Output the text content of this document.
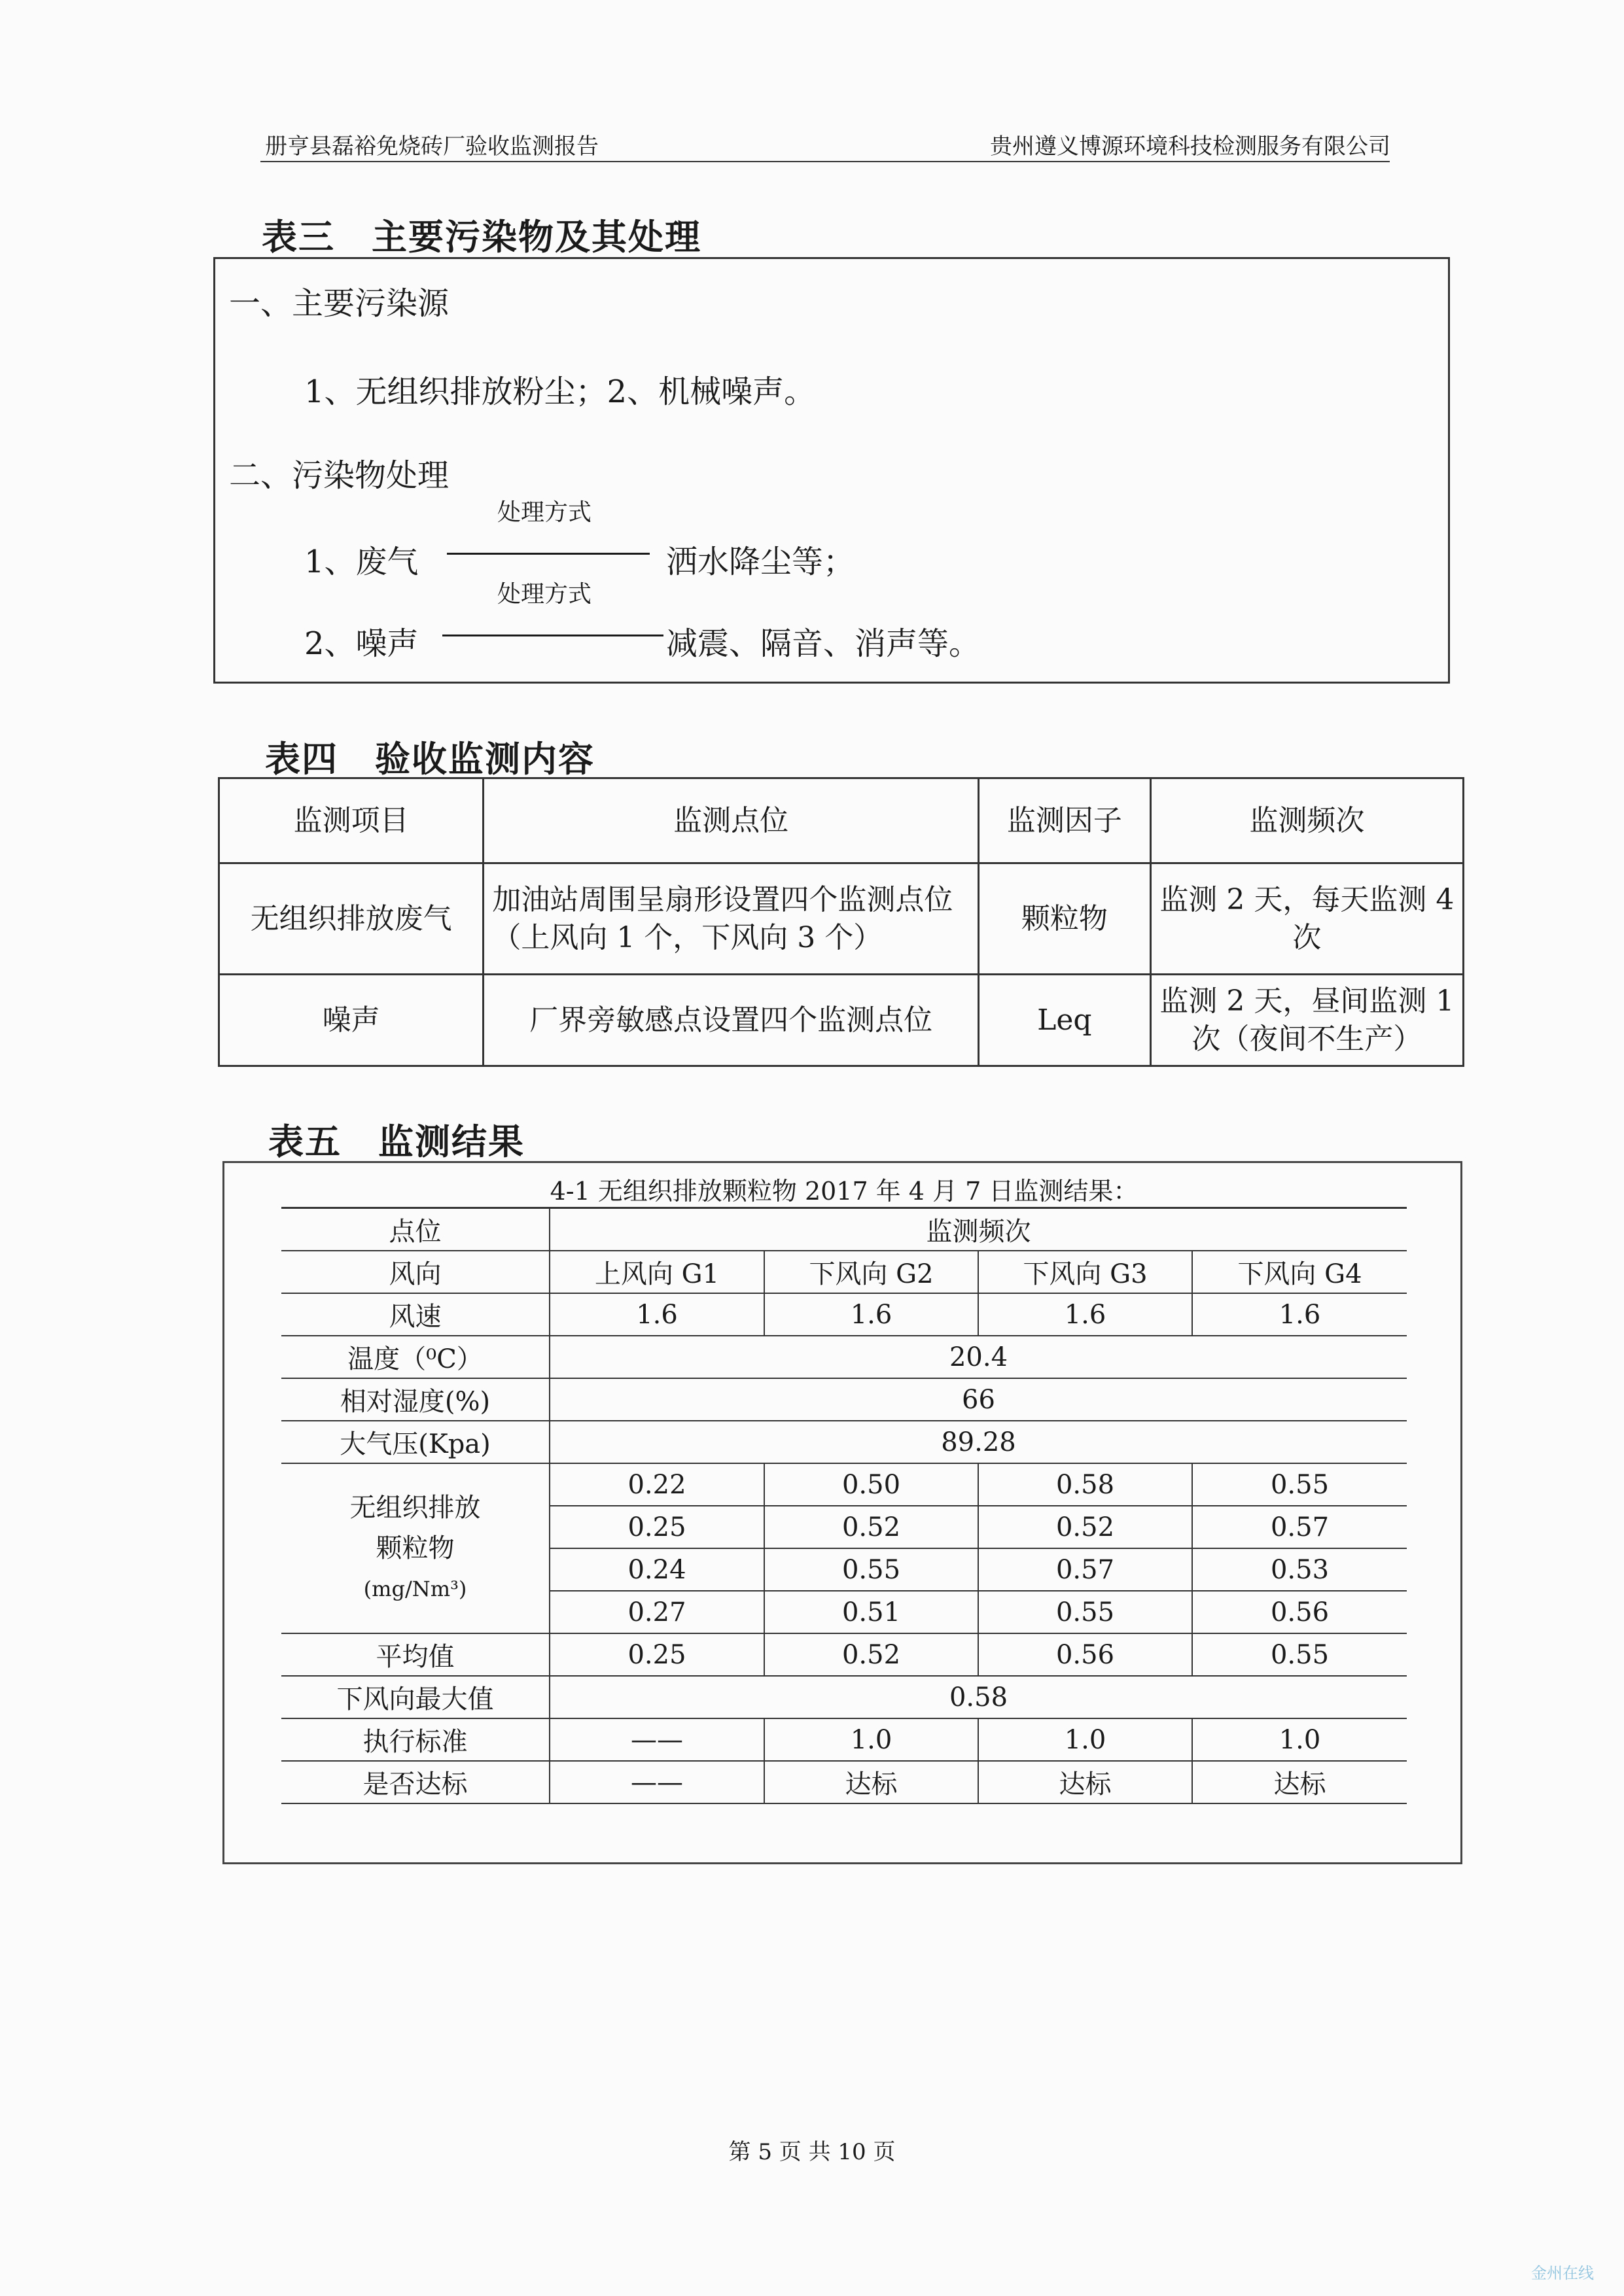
册亨县磊裕免烧砖厂验收监测报告	贵州遵义博源环境科技检测服务有限公司
表三　主要污染物及其处理
一、主要污染源
1、无组织排放粉尘；2、机械噪声。
二、污染物处理
处理方式
1、废气	洒水降尘等；
处理方式
2、噪声	减震、隔音、消声等。
表四　验收监测内容
监测项目	监测点位	监测因子	监测频次
无组织排放废气	加油站周围呈扇形设置四个监测点位（上风向 1 个，下风向 3 个）	颗粒物	监测 2 天，每天监测 4 次
噪声	厂界旁敏感点设置四个监测点位	Leq	监测 2 天，昼间监测 1 次（夜间不生产）
表五　监测结果
4-1 无组织排放颗粒物 2017 年 4 月 7 日监测结果：
点位	监测频次			
风向	上风向 G1	下风向 G2	下风向 G3	下风向 G4
风速	1.6	1.6	1.6	1.6
温度（⁰C）	20.4			
相对湿度(%)	66			
大气压(Kpa)	89.28			

无组织排放
颗粒物
(mg/Nm³)	0.22	0.50	0.58	0.55
	0.25	0.52	0.52	0.57
	0.24	0.55	0.57	0.53
	0.27	0.51	0.55	0.56
平均值	0.25	0.52	0.56	0.55
下风向最大值	0.58			
执行标准	——	1.0	1.0	1.0
是否达标	——	达标	达标	达标
第 5 页 共 10 页
金州在线
